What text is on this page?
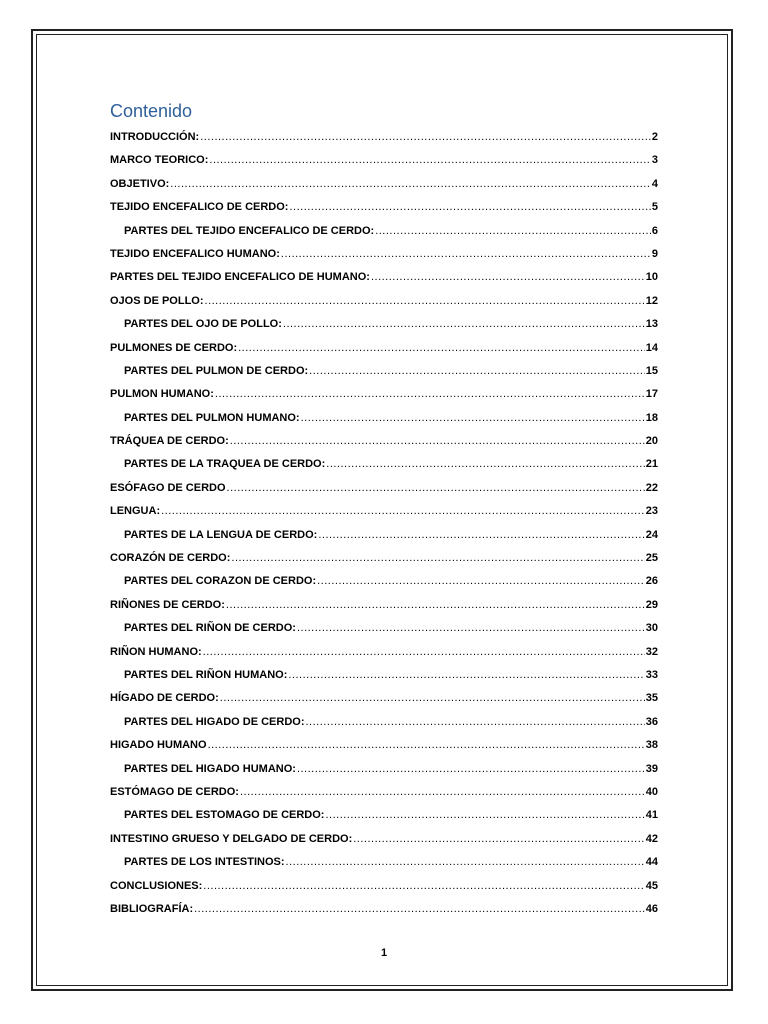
Contenido
INTRODUCCIÓN: .....	2
MARCO TEORICO: .....	3
OBJETIVO: .....	4
TEJIDO ENCEFALICO DE CERDO: .....	5
PARTES DEL TEJIDO ENCEFALICO DE CERDO: .....	6
TEJIDO ENCEFALICO HUMANO: .....	9
PARTES DEL TEJIDO ENCEFALICO DE HUMANO: .....	10
OJOS DE POLLO: .....	12
PARTES DEL OJO DE POLLO: .....	13
PULMONES DE CERDO: .....	14
PARTES DEL PULMON DE CERDO: .....	15
PULMON HUMANO: .....	17
PARTES DEL PULMON HUMANO: .....	18
TRÁQUEA DE CERDO: .....	20
PARTES DE LA TRAQUEA DE CERDO: .....	21
ESÓFAGO DE CERDO .....	22
LENGUA: .....	23
PARTES DE LA LENGUA DE CERDO: .....	24
CORAZÓN DE CERDO: .....	25
PARTES DEL CORAZON DE CERDO: .....	26
RIÑONES DE CERDO: .....	29
PARTES DEL RIÑON DE CERDO: .....	30
RIÑON HUMANO: .....	32
PARTES DEL RIÑON HUMANO: .....	33
HÍGADO DE CERDO: .....	35
PARTES DEL HIGADO DE CERDO: .....	36
HIGADO HUMANO .....	38
PARTES DEL HIGADO HUMANO: .....	39
ESTÓMAGO DE CERDO: .....	40
PARTES DEL ESTOMAGO DE CERDO: .....	41
INTESTINO GRUESO Y DELGADO DE CERDO: .....	42
PARTES DE LOS INTESTINOS: .....	44
CONCLUSIONES: .....	45
BIBLIOGRAFÍA: .....	46
1
